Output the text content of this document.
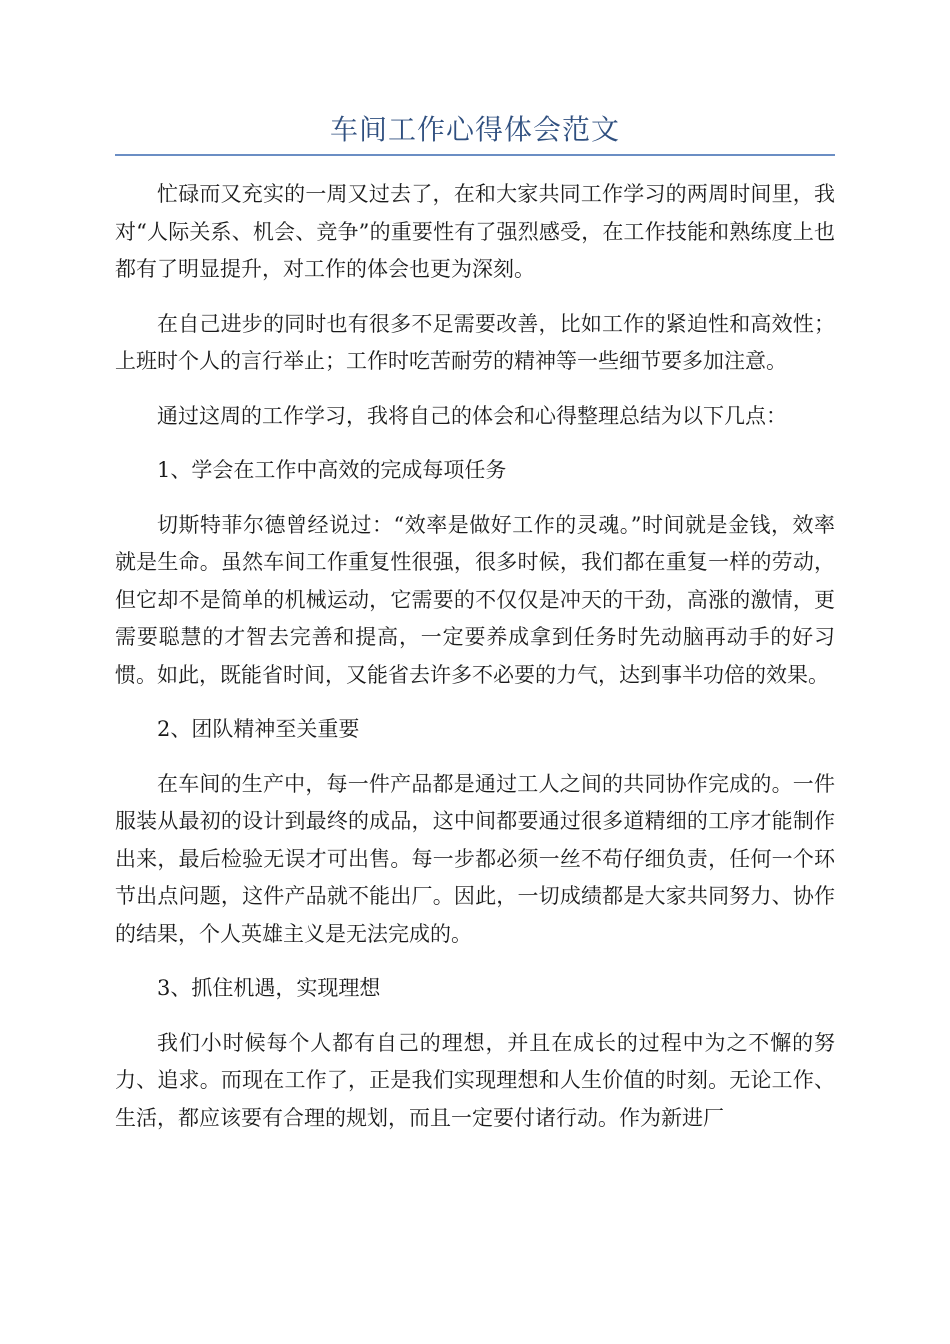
车间工作心得体会范文

忙碌而又充实的一周又过去了，在和大家共同工作学习的两周时间里，我对“人际关系、机会、竞争”的重要性有了强烈感受，在工作技能和熟练度上也都有了明显提升，对工作的体会也更为深刻。

在自己进步的同时也有很多不足需要改善，比如工作的紧迫性和高效性；上班时个人的言行举止；工作时吃苦耐劳的精神等一些细节要多加注意。

通过这周的工作学习，我将自己的体会和心得整理总结为以下几点：

1、学会在工作中高效的完成每项任务

切斯特菲尔德曾经说过：“效率是做好工作的灵魂。”时间就是金钱，效率就是生命。虽然车间工作重复性很强，很多时候，我们都在重复一样的劳动，但它却不是简单的机械运动，它需要的不仅仅是冲天的干劲，高涨的激情，更需要聪慧的才智去完善和提高，一定要养成拿到任务时先动脑再动手的好习惯。如此，既能省时间，又能省去许多不必要的力气，达到事半功倍的效果。

2、团队精神至关重要

在车间的生产中，每一件产品都是通过工人之间的共同协作完成的。一件服装从最初的设计到最终的成品，这中间都要通过很多道精细的工序才能制作出来，最后检验无误才可出售。每一步都必须一丝不苟仔细负责，任何一个环节出点问题，这件产品就不能出厂。因此，一切成绩都是大家共同努力、协作的结果，个人英雄主义是无法完成的。

3、抓住机遇，实现理想

我们小时候每个人都有自己的理想，并且在成长的过程中为之不懈的努力、追求。而现在工作了，正是我们实现理想和人生价值的时刻。无论工作、生活，都应该要有合理的规划，而且一定要付诸行动。作为新进厂
